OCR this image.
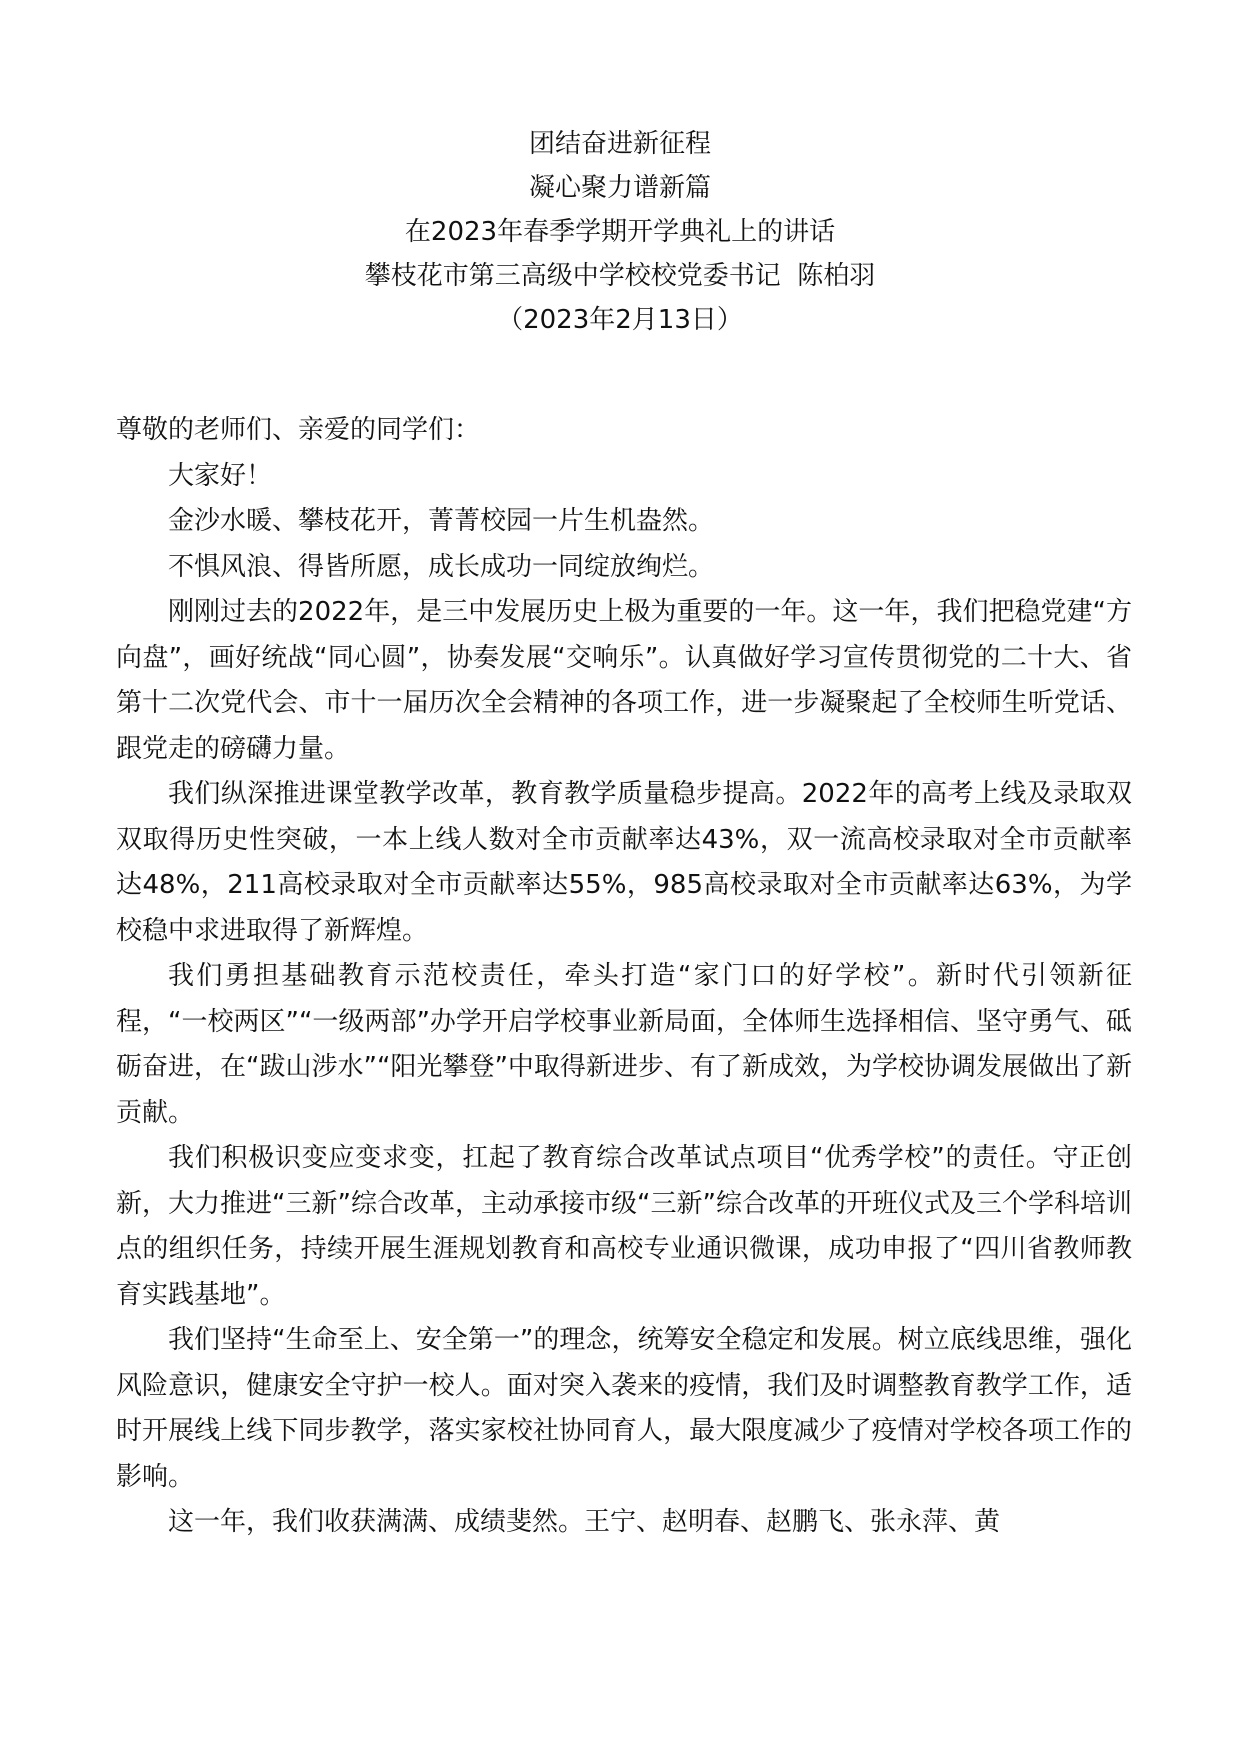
团结奋进新征程
凝心聚力谱新篇
在2023年春季学期开学典礼上的讲话
攀枝花市第三高级中学校校党委书记  陈柏羽
（2023年2月13日）

尊敬的老师们、亲爱的同学们：

大家好！

金沙水暖、攀枝花开，菁菁校园一片生机盎然。

不惧风浪、得皆所愿，成长成功一同绽放绚烂。

刚刚过去的2022年，是三中发展历史上极为重要的一年。这一年，我们把稳党建“方向盘”，画好统战“同心圆”，协奏发展“交响乐”。认真做好学习宣传贯彻党的二十大、省第十二次党代会、市十一届历次全会精神的各项工作，进一步凝聚起了全校师生听党话、跟党走的磅礴力量。

我们纵深推进课堂教学改革，教育教学质量稳步提高。2022年的高考上线及录取双双取得历史性突破，一本上线人数对全市贡献率达43%，双一流高校录取对全市贡献率达48%，211高校录取对全市贡献率达55%，985高校录取对全市贡献率达63%，为学校稳中求进取得了新辉煌。

我们勇担基础教育示范校责任，牵头打造“家门口的好学校”。新时代引领新征程，“一校两区”“一级两部”办学开启学校事业新局面，全体师生选择相信、坚守勇气、砥砺奋进，在“跋山涉水”“阳光攀登”中取得新进步、有了新成效，为学校协调发展做出了新贡献。

我们积极识变应变求变，扛起了教育综合改革试点项目“优秀学校”的责任。守正创新，大力推进“三新”综合改革，主动承接市级“三新”综合改革的开班仪式及三个学科培训点的组织任务，持续开展生涯规划教育和高校专业通识微课，成功申报了“四川省教师教育实践基地”。

我们坚持“生命至上、安全第一”的理念，统筹安全稳定和发展。树立底线思维，强化风险意识，健康安全守护一校人。面对突入袭来的疫情，我们及时调整教育教学工作，适时开展线上线下同步教学，落实家校社协同育人，最大限度减少了疫情对学校各项工作的影响。

这一年，我们收获满满、成绩斐然。王宁、赵明春、赵鹏飞、张永萍、黄
